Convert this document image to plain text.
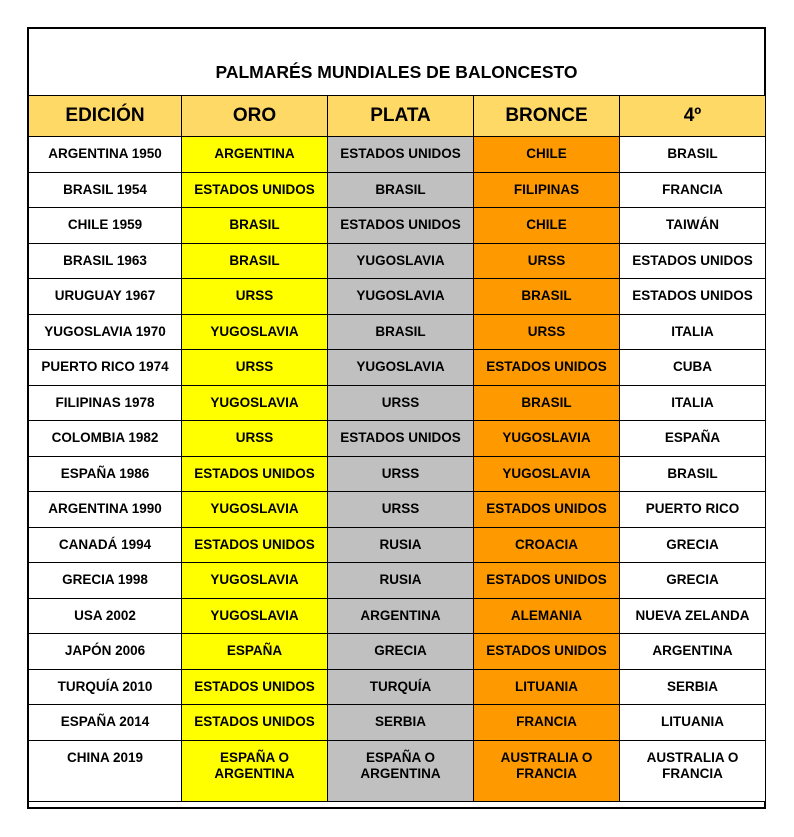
PALMARÉS MUNDIALES DE BALONCESTO
EDICIÓN	ORO	PLATA	BRONCE	4º
ARGENTINA 1950	ARGENTINA	ESTADOS UNIDOS	CHILE	BRASIL
BRASIL 1954	ESTADOS UNIDOS	BRASIL	FILIPINAS	FRANCIA
CHILE 1959	BRASIL	ESTADOS UNIDOS	CHILE	TAIWÁN
BRASIL 1963	BRASIL	YUGOSLAVIA	URSS	ESTADOS UNIDOS
URUGUAY 1967	URSS	YUGOSLAVIA	BRASIL	ESTADOS UNIDOS
YUGOSLAVIA 1970	YUGOSLAVIA	BRASIL	URSS	ITALIA
PUERTO RICO 1974	URSS	YUGOSLAVIA	ESTADOS UNIDOS	CUBA
FILIPINAS 1978	YUGOSLAVIA	URSS	BRASIL	ITALIA
COLOMBIA 1982	URSS	ESTADOS UNIDOS	YUGOSLAVIA	ESPAÑA
ESPAÑA 1986	ESTADOS UNIDOS	URSS	YUGOSLAVIA	BRASIL
ARGENTINA 1990	YUGOSLAVIA	URSS	ESTADOS UNIDOS	PUERTO RICO
CANADÁ 1994	ESTADOS UNIDOS	RUSIA	CROACIA	GRECIA
GRECIA 1998	YUGOSLAVIA	RUSIA	ESTADOS UNIDOS	GRECIA
USA 2002	YUGOSLAVIA	ARGENTINA	ALEMANIA	NUEVA ZELANDA
JAPÓN 2006	ESPAÑA	GRECIA	ESTADOS UNIDOS	ARGENTINA
TURQUÍA 2010	ESTADOS UNIDOS	TURQUÍA	LITUANIA	SERBIA
ESPAÑA 2014	ESTADOS UNIDOS	SERBIA	FRANCIA	LITUANIA
CHINA 2019	ESPAÑA O ARGENTINA	ESPAÑA O ARGENTINA	AUSTRALIA O FRANCIA	AUSTRALIA O FRANCIA
